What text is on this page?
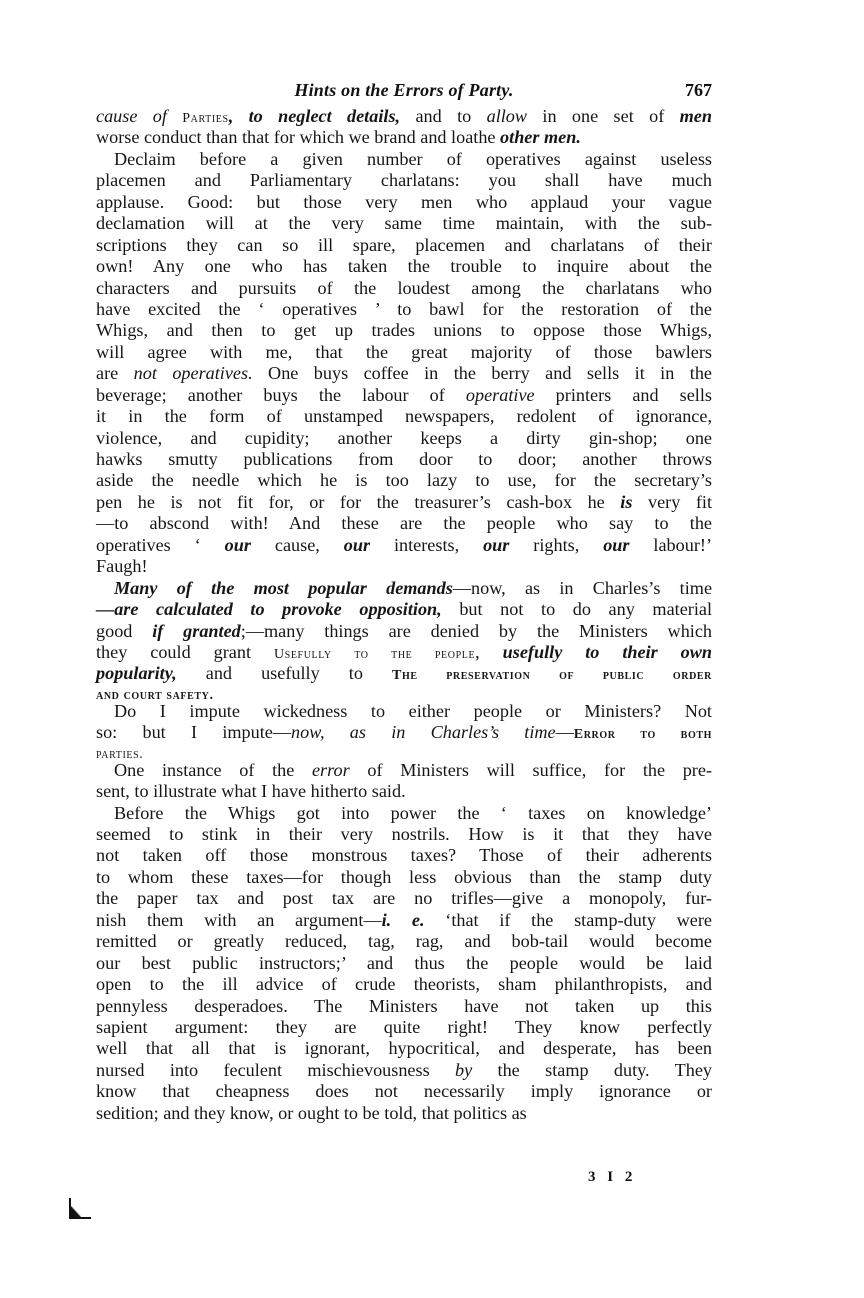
Hints on the Errors of Party.	767
cause of Parties, to neglect details, and to allow in one set of men
worse conduct than that for which we brand and loathe other men.
Declaim before a given number of operatives against useless
placemen and Parliamentary charlatans: you shall have much
applause. Good: but those very men who applaud your vague
declamation will at the very same time maintain, with the sub-
scriptions they can so ill spare, placemen and charlatans of their
own! Any one who has taken the trouble to inquire about the
characters and pursuits of the loudest among the charlatans who
have excited the ‘ operatives ’ to bawl for the restoration of the
Whigs, and then to get up trades unions to oppose those Whigs,
will agree with me, that the great majority of those bawlers
are not operatives. One buys coffee in the berry and sells it in the
beverage; another buys the labour of operative printers and sells
it in the form of unstamped newspapers, redolent of ignorance,
violence, and cupidity; another keeps a dirty gin-shop; one
hawks smutty publications from door to door; another throws
aside the needle which he is too lazy to use, for the secretary’s
pen he is not fit for, or for the treasurer’s cash-box he is very fit
—to abscond with! And these are the people who say to the
operatives ‘ our cause, our interests, our rights, our labour!’
Faugh!
Many of the most popular demands—now, as in Charles’s time
—are calculated to provoke opposition, but not to do any material
good if granted;—many things are denied by the Ministers which
they could grant Usefully to the people, usefully to their own
popularity, and usefully to The preservation of public order
and court safety.
Do I impute wickedness to either people or Ministers? Not
so: but I impute—now, as in Charles’s time—Error to both
parties.
One instance of the error of Ministers will suffice, for the pre-
sent, to illustrate what I have hitherto said.
Before the Whigs got into power the ‘ taxes on knowledge’
seemed to stink in their very nostrils. How is it that they have
not taken off those monstrous taxes? Those of their adherents
to whom these taxes—for though less obvious than the stamp duty
the paper tax and post tax are no trifles—give a monopoly, fur-
nish them with an argument—i. e. ‘that if the stamp-duty were
remitted or greatly reduced, tag, rag, and bob-tail would become
our best public instructors;’ and thus the people would be laid
open to the ill advice of crude theorists, sham philanthropists, and
pennyless desperadoes. The Ministers have not taken up this
sapient argument: they are quite right! They know perfectly
well that all that is ignorant, hypocritical, and desperate, has been
nursed into feculent mischievousness by the stamp duty. They
know that cheapness does not necessarily imply ignorance or
sedition; and they know, or ought to be told, that politics as
3 I 2
